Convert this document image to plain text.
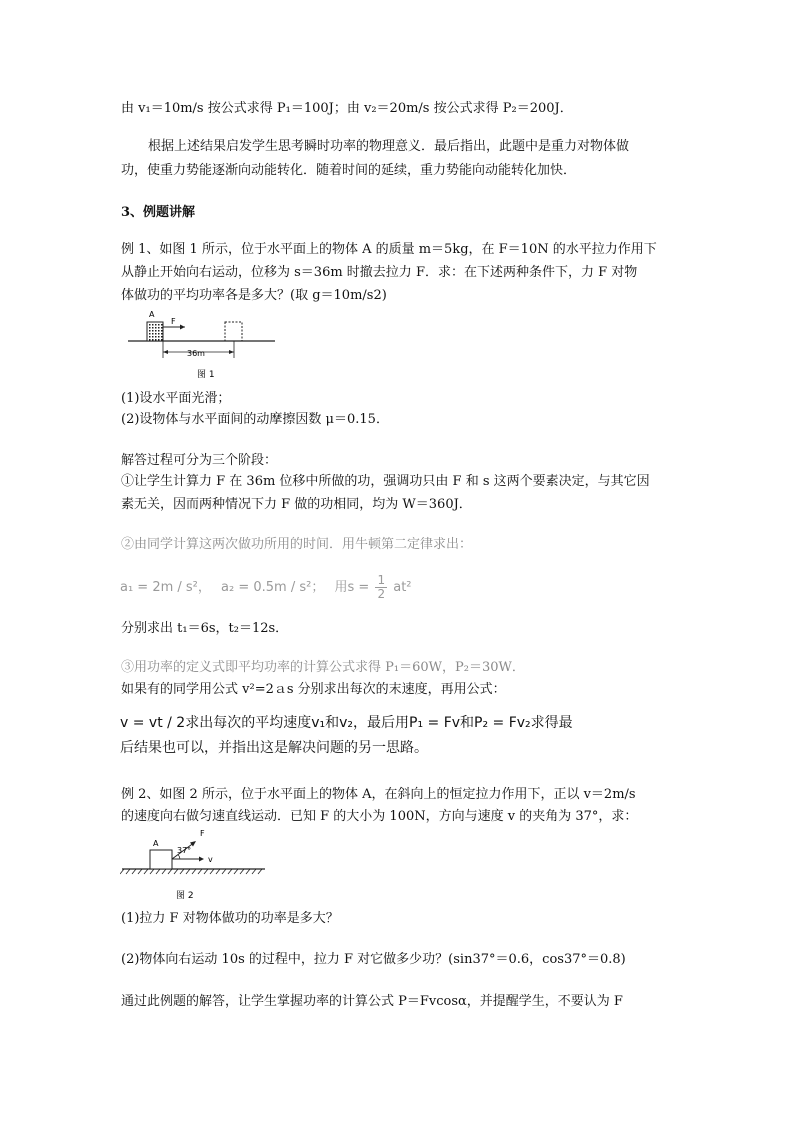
由 v₁＝10m/s 按公式求得 P₁＝100J；由 v₂＝20m/s 按公式求得 P₂＝200J．
根据上述结果启发学生思考瞬时功率的物理意义．最后指出，此题中是重力对物体做
功，使重力势能逐渐向动能转化．随着时间的延续，重力势能向动能转化加快．
3、例题讲解
例 1、如图 1 所示，位于水平面上的物体 A 的质量 m＝5kg，在 F＝10N 的水平拉力作用下
从静止开始向右运动，位移为 s＝36m 时撤去拉力 F．求：在下述两种条件下，力 F 对物
体做功的平均功率各是多大？(取 g＝10m/s2)
A
F
36m
图 1
(1)设水平面光滑；
(2)设物体与水平面间的动摩擦因数 μ＝0.15．
解答过程可分为三个阶段：
①让学生计算力 F 在 36m 位移中所做的功，强调功只由 F 和 s 这两个要素决定，与其它因
素无关，因而两种情况下力 F 做的功相同，均为 W＝360J．
②由同学计算这两次做功所用的时间．用牛顿第二定律求出：
a₁ = 2m / s²， a₂ = 0.5m / s²； 用$s = \frac{1}{2} at^2$
分别求出 t₁＝6s，t₂＝12s．
③用功率的定义式即平均功率的计算公式求得 P₁＝60W，P₂＝30W．
如果有的同学用公式 v²=2ａs 分别求出每次的末速度，再用公式：
v = vt / 2求出每次的平均速度v₁和v₂，最后用P₁ = Fv和P₂ = Fv₂求得最
后结果也可以，并指出这是解决问题的另一思路。
例 2、如图 2 所示，位于水平面上的物体 A，在斜向上的恒定拉力作用下，正以 v＝2m/s
的速度向右做匀速直线运动．已知 F 的大小为 100N，方向与速度 v 的夹角为 37°，求：
A
F
37°
v
图 2
(1)拉力 F 对物体做功的功率是多大？
(2)物体向右运动 10s 的过程中，拉力 F 对它做多少功？(sin37°＝0.6，cos37°＝0.8)
通过此例题的解答，让学生掌握功率的计算公式 P＝Fvcosα，并提醒学生，不要认为 F
